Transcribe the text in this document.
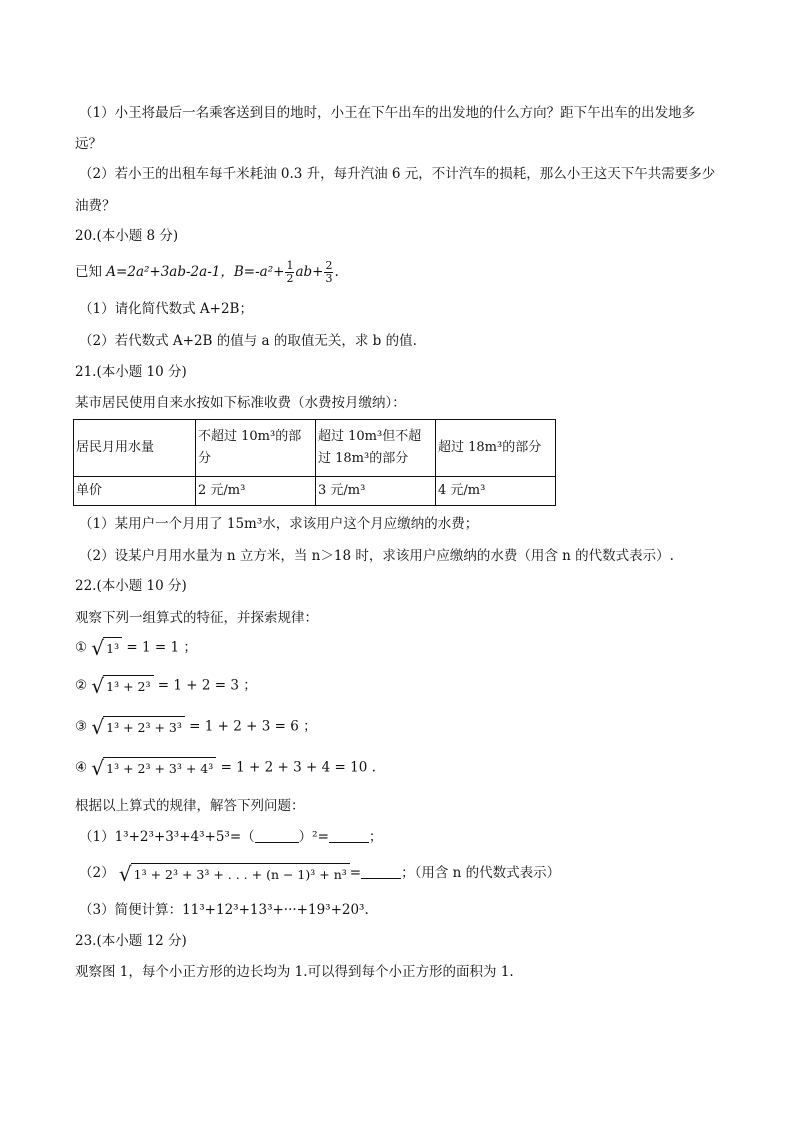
（1）小王将最后一名乘客送到目的地时，小王在下午出车的出发地的什么方向？距下午出车的出发地多
远？
（2）若小王的出租车每千米耗油 0.3 升，每升汽油 6 元，不计汽车的损耗，那么小王这天下午共需要多少
油费？
20.(本小题 8 分)
已知 A=2a²+3ab-2a-1，$B=-a^2+ \frac{1}{2} ab+ \frac{2}{3}$ .
（1）请化简代数式 A+2B；
（2）若代数式 A+2B 的值与 a 的取值无关，求 b 的值.
21.(本小题 10 分)
某市居民使用自来水按如下标准收费（水费按月缴纳）：
居民月用水量	不超过 10m³的部分	超过 10m³但不超过 18m³的部分	超过 18m³的部分
单价	2 元/m³	3 元/m³	4 元/m³
（1）某用户一个月用了 15m³水，求该用户这个月应缴纳的水费；
（2）设某户月用水量为 n 立方米，当 n＞18 时，求该用户应缴纳的水费（用含 n 的代数式表示）.
22.(本小题 10 分)
观察下列一组算式的特征，并探索规律：
① √ 1³ = 1 = 1 ；
② √ 1³ + 2³ = 1 + 2 = 3 ；
③ √ 1³ + 2³ + 3³ = 1 + 2 + 3 = 6 ；
④ √ 1³ + 2³ + 3³ + 4³ = 1 + 2 + 3 + 4 = 10 .
根据以上算式的规律，解答下列问题：
（1）1³+2³+3³+4³+5³=（	）²=	；
（2） √ 1³ + 2³ + 3³ + . . . + (n − 1)³ + n³ =	；（用含 n 的代数式表示）
（3）简便计算：11³+12³+13³+···+19³+20³.
23.(本小题 12 分)
观察图 1，每个小正方形的边长均为 1.可以得到每个小正方形的面积为 1.
